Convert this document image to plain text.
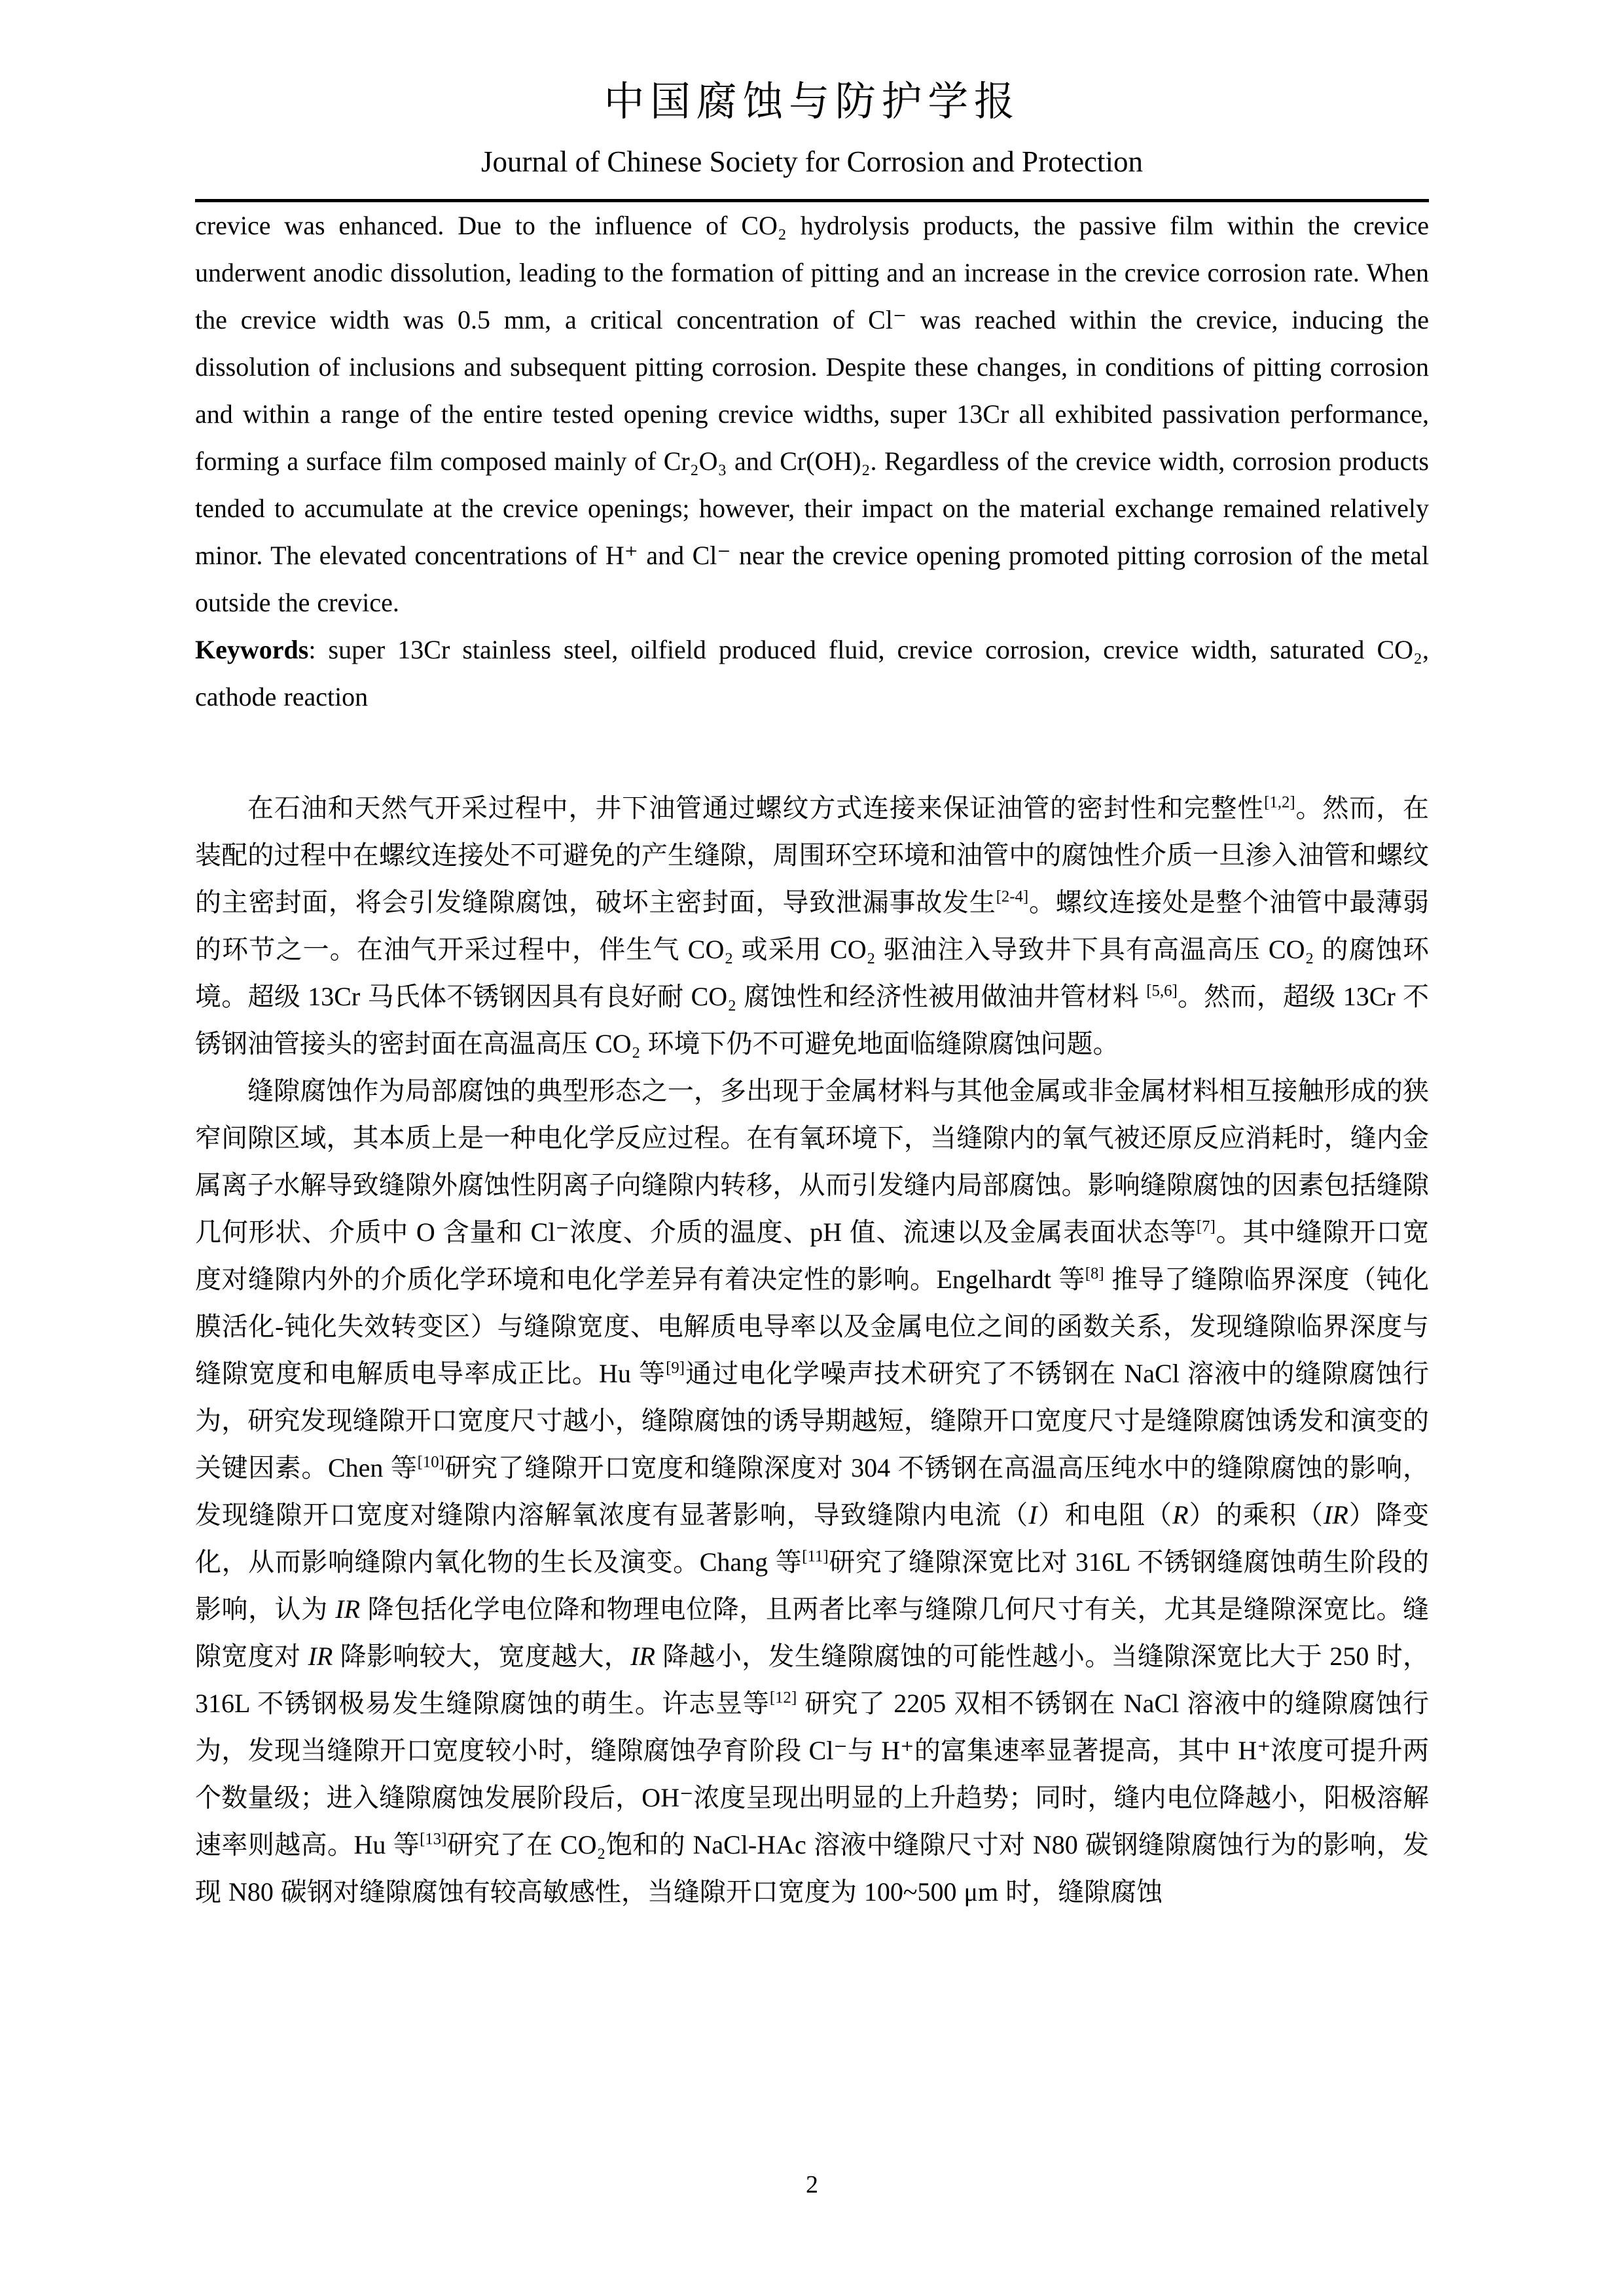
中国腐蚀与防护学报
Journal of Chinese Society for Corrosion and Protection

crevice was enhanced. Due to the influence of CO₂ hydrolysis products, the passive film within the crevice underwent anodic dissolution, leading to the formation of pitting and an increase in the crevice corrosion rate. When the crevice width was 0.5 mm, a critical concentration of Cl⁻ was reached within the crevice, inducing the dissolution of inclusions and subsequent pitting corrosion. Despite these changes, in conditions of pitting corrosion and within a range of the entire tested opening crevice widths, super 13Cr all exhibited passivation performance, forming a surface film composed mainly of Cr₂O₃ and Cr(OH)₂. Regardless of the crevice width, corrosion products tended to accumulate at the crevice openings; however, their impact on the material exchange remained relatively minor. The elevated concentrations of H⁺ and Cl⁻ near the crevice opening promoted pitting corrosion of the metal outside the crevice.

Keywords: super 13Cr stainless steel, oilfield produced fluid, crevice corrosion, crevice width, saturated CO₂, cathode reaction

在石油和天然气开采过程中，井下油管通过螺纹方式连接来保证油管的密封性和完整性[1,2]。然而，在装配的过程中在螺纹连接处不可避免的产生缝隙，周围环空环境和油管中的腐蚀性介质一旦渗入油管和螺纹的主密封面，将会引发缝隙腐蚀，破坏主密封面，导致泄漏事故发生[2-4]。螺纹连接处是整个油管中最薄弱的环节之一。在油气开采过程中，伴生气 CO₂ 或采用 CO₂ 驱油注入导致井下具有高温高压 CO₂ 的腐蚀环境。超级 13Cr 马氏体不锈钢因具有良好耐 CO₂ 腐蚀性和经济性被用做油井管材料 [5,6]。然而，超级 13Cr 不锈钢油管接头的密封面在高温高压 CO₂ 环境下仍不可避免地面临缝隙腐蚀问题。

缝隙腐蚀作为局部腐蚀的典型形态之一，多出现于金属材料与其他金属或非金属材料相互接触形成的狭窄间隙区域，其本质上是一种电化学反应过程。在有氧环境下，当缝隙内的氧气被还原反应消耗时，缝内金属离子水解导致缝隙外腐蚀性阴离子向缝隙内转移，从而引发缝内局部腐蚀。影响缝隙腐蚀的因素包括缝隙几何形状、介质中 O 含量和 Cl⁻浓度、介质的温度、pH 值、流速以及金属表面状态等[7]。其中缝隙开口宽度对缝隙内外的介质化学环境和电化学差异有着决定性的影响。Engelhardt 等[8] 推导了缝隙临界深度（钝化膜活化-钝化失效转变区）与缝隙宽度、电解质电导率以及金属电位之间的函数关系，发现缝隙临界深度与缝隙宽度和电解质电导率成正比。Hu 等[9]通过电化学噪声技术研究了不锈钢在 NaCl 溶液中的缝隙腐蚀行为，研究发现缝隙开口宽度尺寸越小，缝隙腐蚀的诱导期越短，缝隙开口宽度尺寸是缝隙腐蚀诱发和演变的关键因素。Chen 等[10]研究了缝隙开口宽度和缝隙深度对 304 不锈钢在高温高压纯水中的缝隙腐蚀的影响，发现缝隙开口宽度对缝隙内溶解氧浓度有显著影响，导致缝隙内电流（I）和电阻（R）的乘积（IR）降变化，从而影响缝隙内氧化物的生长及演变。Chang 等[11]研究了缝隙深宽比对 316L 不锈钢缝腐蚀萌生阶段的影响，认为 IR 降包括化学电位降和物理电位降，且两者比率与缝隙几何尺寸有关，尤其是缝隙深宽比。缝隙宽度对 IR 降影响较大，宽度越大，IR 降越小，发生缝隙腐蚀的可能性越小。当缝隙深宽比大于 250 时，316L 不锈钢极易发生缝隙腐蚀的萌生。许志昱等[12] 研究了 2205 双相不锈钢在 NaCl 溶液中的缝隙腐蚀行为，发现当缝隙开口宽度较小时，缝隙腐蚀孕育阶段 Cl⁻与 H⁺的富集速率显著提高，其中 H⁺浓度可提升两个数量级；进入缝隙腐蚀发展阶段后，OH⁻浓度呈现出明显的上升趋势；同时，缝内电位降越小，阳极溶解速率则越高。Hu 等[13]研究了在 CO₂饱和的 NaCl-HAc 溶液中缝隙尺寸对 N80 碳钢缝隙腐蚀行为的影响，发现 N80 碳钢对缝隙腐蚀有较高敏感性，当缝隙开口宽度为 100~500 μm 时，缝隙腐蚀

2
